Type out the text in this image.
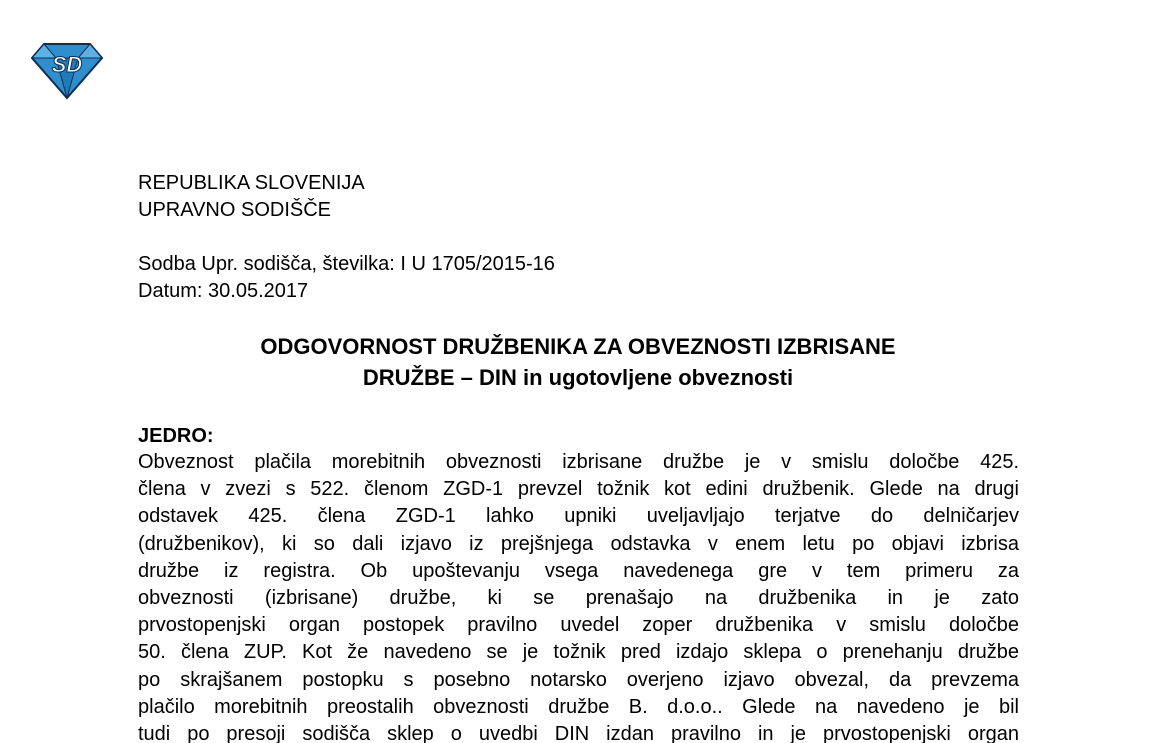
SD
REPUBLIKA SLOVENIJA
UPRAVNO SODIŠČE
Sodba Upr. sodišča, številka: I U 1705/2015-16
Datum: 30.05.2017
ODGOVORNOST DRUŽBENIKA ZA OBVEZNOSTI IZBRISANE
DRUŽBE – DIN in ugotovljene obveznosti
JEDRO:
Obveznost plačila morebitnih obveznosti izbrisane družbe je v smislu določbe 425.
člena v zvezi s 522. členom ZGD-1 prevzel tožnik kot edini družbenik. Glede na drugi
odstavek 425. člena ZGD-1 lahko upniki uveljavljajo terjatve do delničarjev
(družbenikov), ki so dali izjavo iz prejšnjega odstavka v enem letu po objavi izbrisa
družbe iz registra. Ob upoštevanju vsega navedenega gre v tem primeru za
obveznosti (izbrisane) družbe, ki se prenašajo na družbenika in je zato
prvostopenjski organ postopek pravilno uvedel zoper družbenika v smislu določbe
50. člena ZUP. Kot že navedeno se je tožnik pred izdajo sklepa o prenehanju družbe
po skrajšanem postopku s posebno notarsko overjeno izjavo obvezal, da prevzema
plačilo morebitnih preostalih obveznosti družbe B. d.o.o.. Glede na navedeno je bil
tudi po presoji sodišča sklep o uvedbi DIN izdan pravilno in je prvostopenjski organ
